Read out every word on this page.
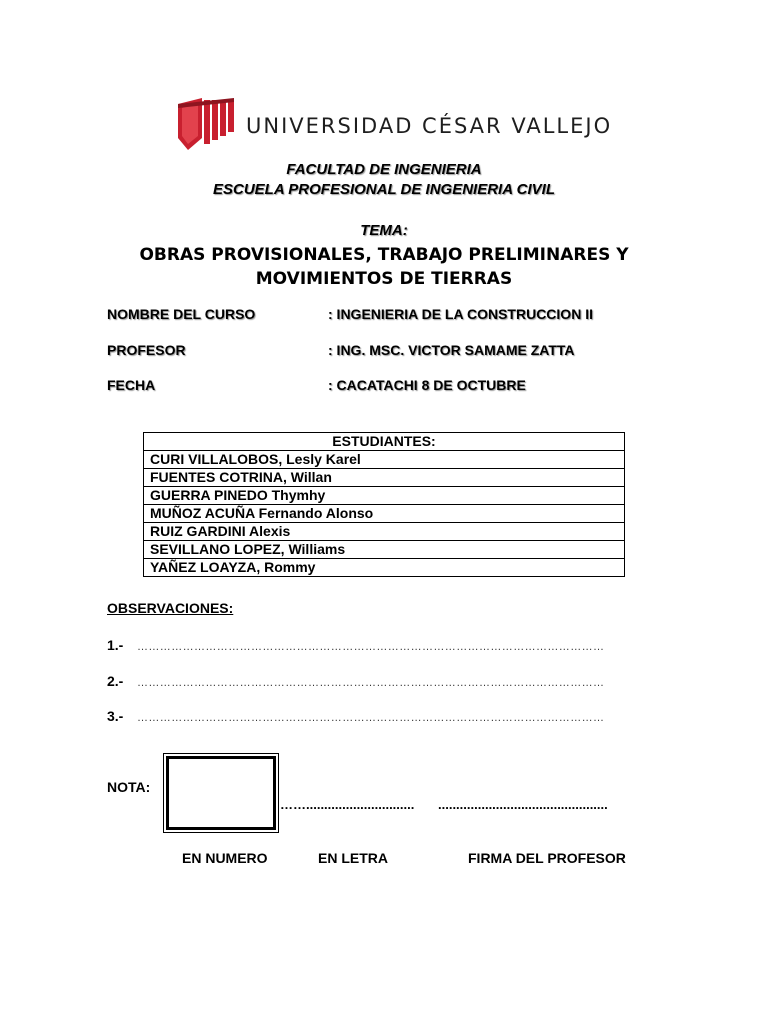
UNIVERSIDAD CÉSAR VALLEJO
FACULTAD DE INGENIERIA
ESCUELA PROFESIONAL DE INGENIERIA CIVIL
TEMA:
OBRAS PROVISIONALES, TRABAJO PRELIMINARES Y
MOVIMIENTOS DE TIERRAS
NOMBRE DEL CURSO	: INGENIERIA DE LA CONSTRUCCION II
PROFESOR	: ING. MSC. VICTOR SAMAME ZATTA
FECHA	: CACATACHI 8 DE OCTUBRE
ESTUDIANTES:
CURI VILLALOBOS, Lesly Karel
FUENTES COTRINA, Willan
GUERRA PINEDO Thymhy
MUÑOZ ACUÑA Fernando Alonso
RUIZ GARDINI Alexis
SEVILLANO LOPEZ, Williams
YAÑEZ LOAYZA, Rommy
OBSERVACIONES:
1.- ……………………………………………………………………………………………………………
2.- ……………………………………………………………………………………………………………
3.- ……………………………………………………………………………………………………………
NOTA:
…….............................. ...............................................
EN NUMERO	EN LETRA	FIRMA DEL PROFESOR
